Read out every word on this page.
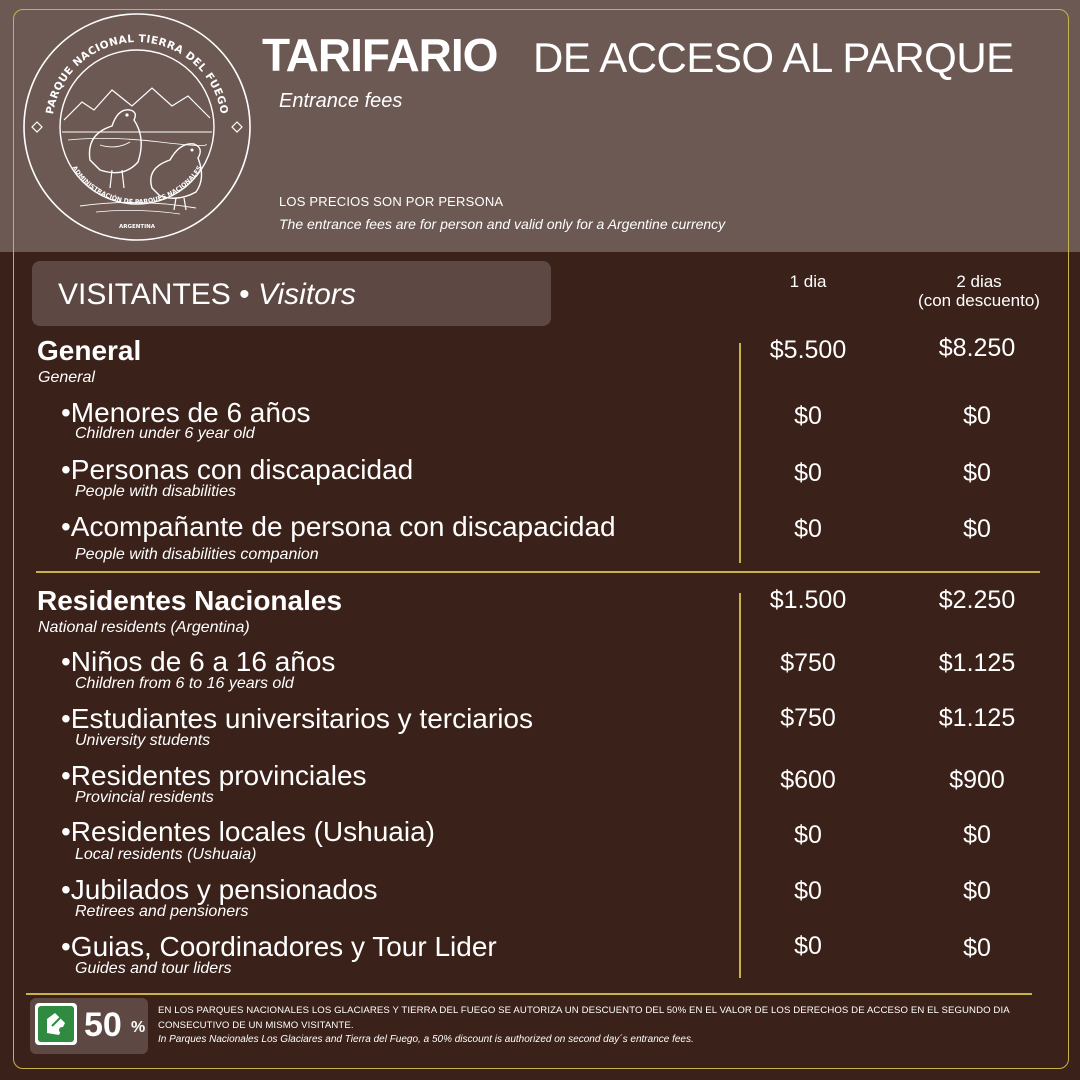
PARQUE NACIONAL TIERRA DEL FUEGO
ADMINISTRACIÓN DE PARQUES NACIONALES
ARGENTINA
TARIFARIO DE ACCESO AL PARQUE
Entrance fees
LOS PRECIOS SON POR PERSONA
The entrance fees are for person and valid only for a Argentine currency
VISITANTES • Visitors	1 dia	2 dias
(con descuento)
General
General
$5.500	$8.250
•Menores de 6 años
Children under 6 year old
$0	$0
•Personas con discapacidad
People with disabilities
$0	$0
•Acompañante de persona con discapacidad
People with disabilities companion
$0	$0
Residentes Nacionales
National residents (Argentina)
$1.500	$2.250
•Niños de 6 a 16 años
Children from 6 to 16 years old
$750	$1.125
•Estudiantes universitarios y terciarios
University students
$750	$1.125
•Residentes provinciales
Provincial residents
$600	$900
•Residentes locales (Ushuaia)
Local residents (Ushuaia)
$0	$0
•Jubilados y pensionados
Retirees and pensioners
$0	$0
•Guias, Coordinadores y Tour Lider
Guides and tour liders
$0	$0
50 %
EN LOS PARQUES NACIONALES LOS GLACIARES Y TIERRA DEL FUEGO SE AUTORIZA UN DESCUENTO DEL 50% EN EL VALOR DE LOS DERECHOS DE ACCESO EN EL SEGUNDO DIA CONSECUTIVO DE UN MISMO VISITANTE.
In Parques Nacionales Los Glaciares and Tierra del Fuego, a 50% discount is authorized on second day´s entrance fees.
